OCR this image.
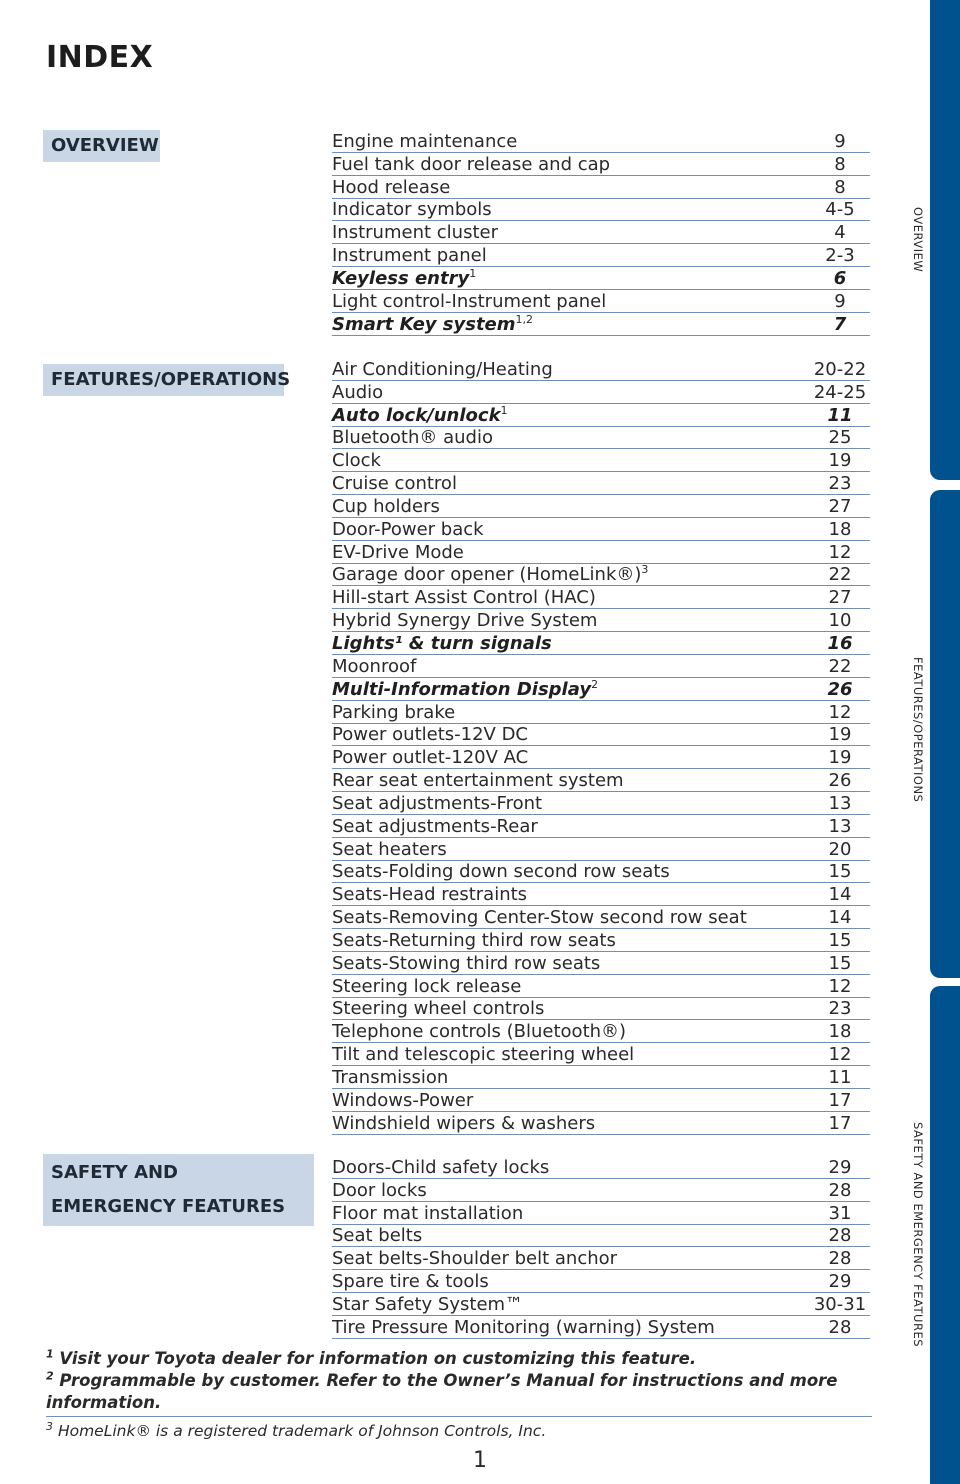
INDEX
OVERVIEW
FEATURES/OPERATIONS
SAFETY AND EMERGENCY FEATURES
Engine maintenance	9
Fuel tank door release and cap	8
Hood release	8
Indicator symbols	4-5
Instrument cluster	4
Instrument panel	2-3
Keyless entry$^1$	6
Light control-Instrument panel	9
Smart Key system$^{1,2}$	7
Air Conditioning/Heating	20-22
Audio	24-25
Auto lock/unlock$^1$	11
Bluetooth® audio	25
Clock	19
Cruise control	23
Cup holders	27
Door-Power back	18
EV-Drive Mode	12
Garage door opener (HomeLink®)$^3$	22
Hill-start Assist Control (HAC)	27
Hybrid Synergy Drive System	10
Lights¹ & turn signals	16
Moonroof	22
Multi-Information Display$^2$	26
Parking brake	12
Power outlets-12V DC	19
Power outlet-120V AC	19
Rear seat entertainment system	26
Seat adjustments-Front	13
Seat adjustments-Rear	13
Seat heaters	20
Seats-Folding down second row seats	15
Seats-Head restraints	14
Seats-Removing Center-Stow second row seat	14
Seats-Returning third row seats	15
Seats-Stowing third row seats	15
Steering lock release	12
Steering wheel controls	23
Telephone controls (Bluetooth®)	18
Tilt and telescopic steering wheel	12
Transmission	11
Windows-Power	17
Windshield wipers & washers	17
Doors-Child safety locks	29
Door locks	28
Floor mat installation	31
Seat belts	28
Seat belts-Shoulder belt anchor	28
Spare tire & tools	29
Star Safety System™	30-31
Tire Pressure Monitoring (warning) System	28
$^1$ Visit your Toyota dealer for information on customizing this feature.
$^2$ Programmable by customer. Refer to the Owner’s Manual for instructions and more information.
$^3$ HomeLink® is a registered trademark of Johnson Controls, Inc.
1
OVERVIEW
FEATURES/OPERATIONS
SAFETY AND EMERGENCY FEATURES
